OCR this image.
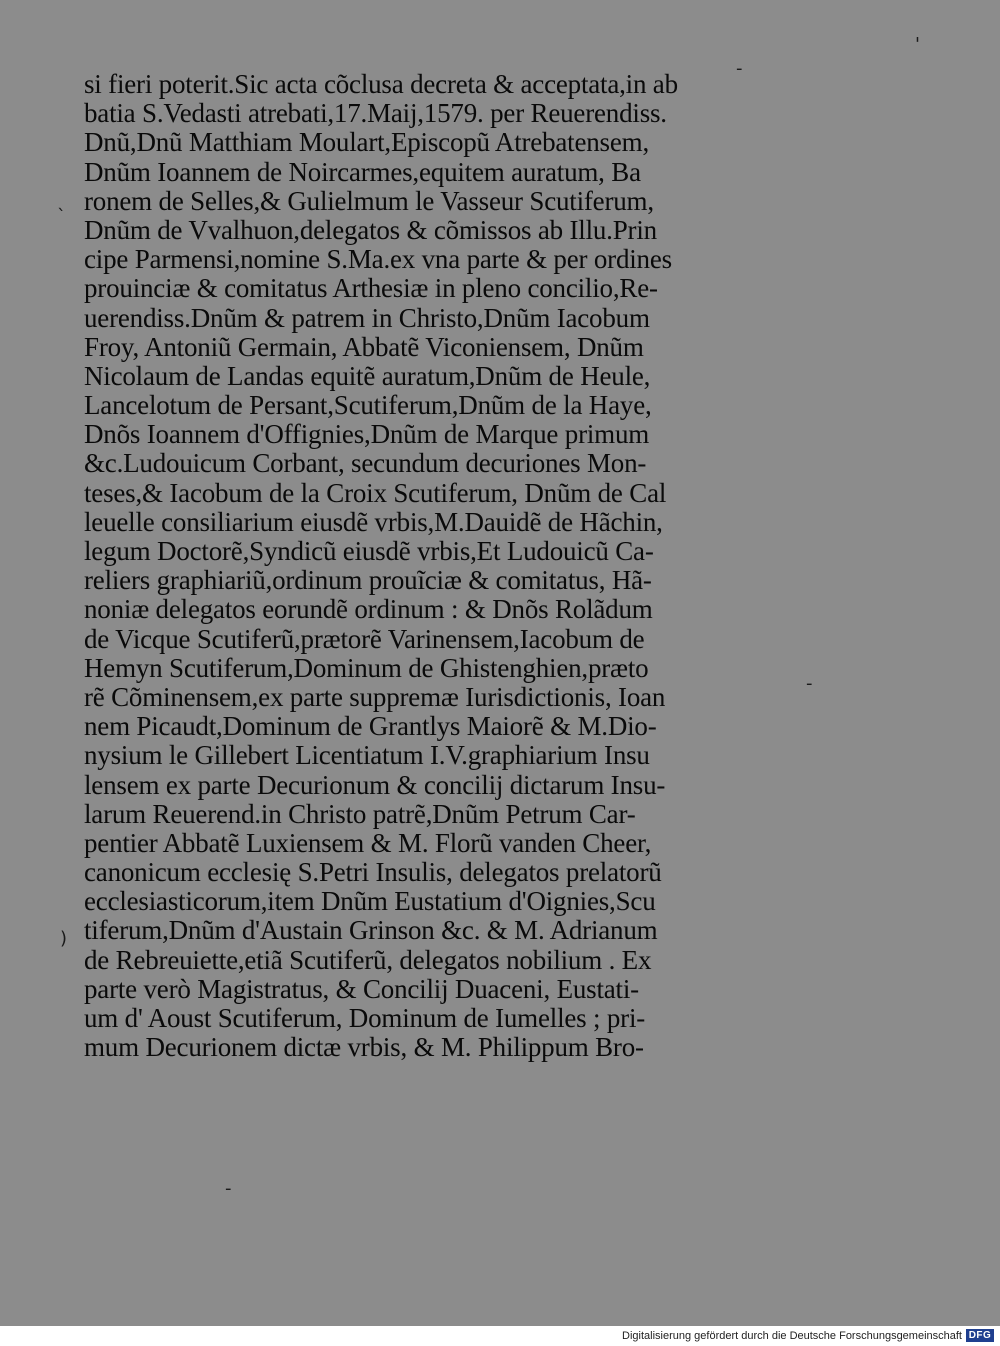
si fieri poterit.Sic acta cõclusa decreta & acceptata,in ab
batia S.Vedasti atrebati,17.Maij,1579. per Reuerendiss.
Dnũ,Dnũ Matthiam Moulart,Episcopũ Atrebatensem,
Dnũm Ioannem de Noircarmes,equitem auratum, Ba
ronem de Selles,& Gulielmum le Vasseur Scutiferum,
Dnũm de Vvalhuon,delegatos & cõmissos ab Illu.Prin
cipe Parmensi,nomine S.Ma.ex vna parte & per ordines
prouinciæ & comitatus Arthesiæ in pleno concilio,Re-
uerendiss.Dnũm & patrem in Christo,Dnũm Iacobum
Froy, Antoniũ Germain, Abbatẽ Viconiensem, Dnũm
Nicolaum de Landas equitẽ auratum,Dnũm de Heule,
Lancelotum de Persant,Scutiferum,Dnũm de la Haye,
Dnõs Ioannem d'Offignies,Dnũm de Marque primum
&c.Ludouicum Corbant, secundum decuriones Mon-
teses,& Iacobum de la Croix Scutiferum, Dnũm de Cal
leuelle consiliarium eiusdẽ vrbis,M.Dauidẽ de Hãchin,
legum Doctorẽ,Syndicũ eiusdẽ vrbis,Et Ludouicũ Ca-
reliers graphiariũ,ordinum prouĩciæ & comitatus, Hã-
noniæ delegatos eorundẽ ordinum : & Dnõs Rolãdum
de Vicque Scutiferũ,prætorẽ Varinensem,Iacobum de
Hemyn Scutiferum,Dominum de Ghistenghien,præto
rẽ Cõminensem,ex parte suppremæ Iurisdictionis, Ioan
nem Picaudt,Dominum de Grantlys Maiorẽ & M.Dio-
nysium le Gillebert Licentiatum I.V.graphiarium Insu
lensem ex parte Decurionum & concilij dictarum Insu-
larum Reuerend.in Christo patrẽ,Dnũm Petrum Car-
pentier Abbatẽ Luxiensem & M. Florũ vanden Cheer,
canonicum ecclesię S.Petri Insulis, delegatos prelatorũ
ecclesiasticorum,item Dnũm Eustatium d'Oignies,Scu
tiferum,Dnũm d'Austain Grinson &c. & M. Adrianum
de Rebreuiette,etiã Scutiferũ, delegatos nobilium . Ex
parte verò Magistratus, & Concilij Duaceni, Eustati-
um d' Aoust Scutiferum, Dominum de Iumelles ; pri-
mum Decurionem dictæ vrbis, & M. Philippum Bro-
-
`
-
)
'
-
Digitalisierung gefördert durch die Deutsche Forschungsgemeinschaft DFG
